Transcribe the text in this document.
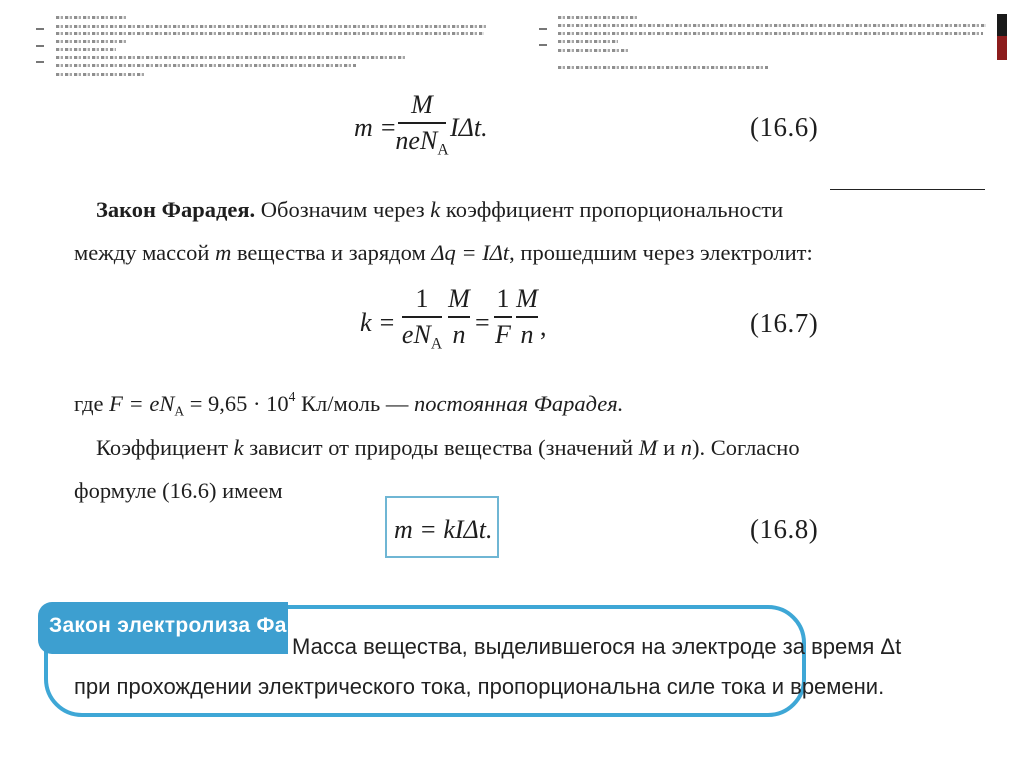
m =
M
neN$_A$
IΔt.	(16.6)
Закон Фарадея. Обозначим через k коэффициент пропорциональности
между массой m вещества и зарядом Δq = IΔt, прошедшим через электролит:
k =
1
$eN_A$
M
n =
1
F
M
n ,	(16.7)
где $F = eN_A = 9,65 \cdot 10^4$ Кл/моль — постоянная Фарадея.
Коэффициент k зависит от природы вещества (значений M и n). Согласно
формуле (16.6) имеем
m = kIΔt.	(16.8)
Закон электролиза Фарадея
Масса вещества, выделившегося на электроде за время Δt
при прохождении электрического тока, пропорциональна силе тока и времени.
